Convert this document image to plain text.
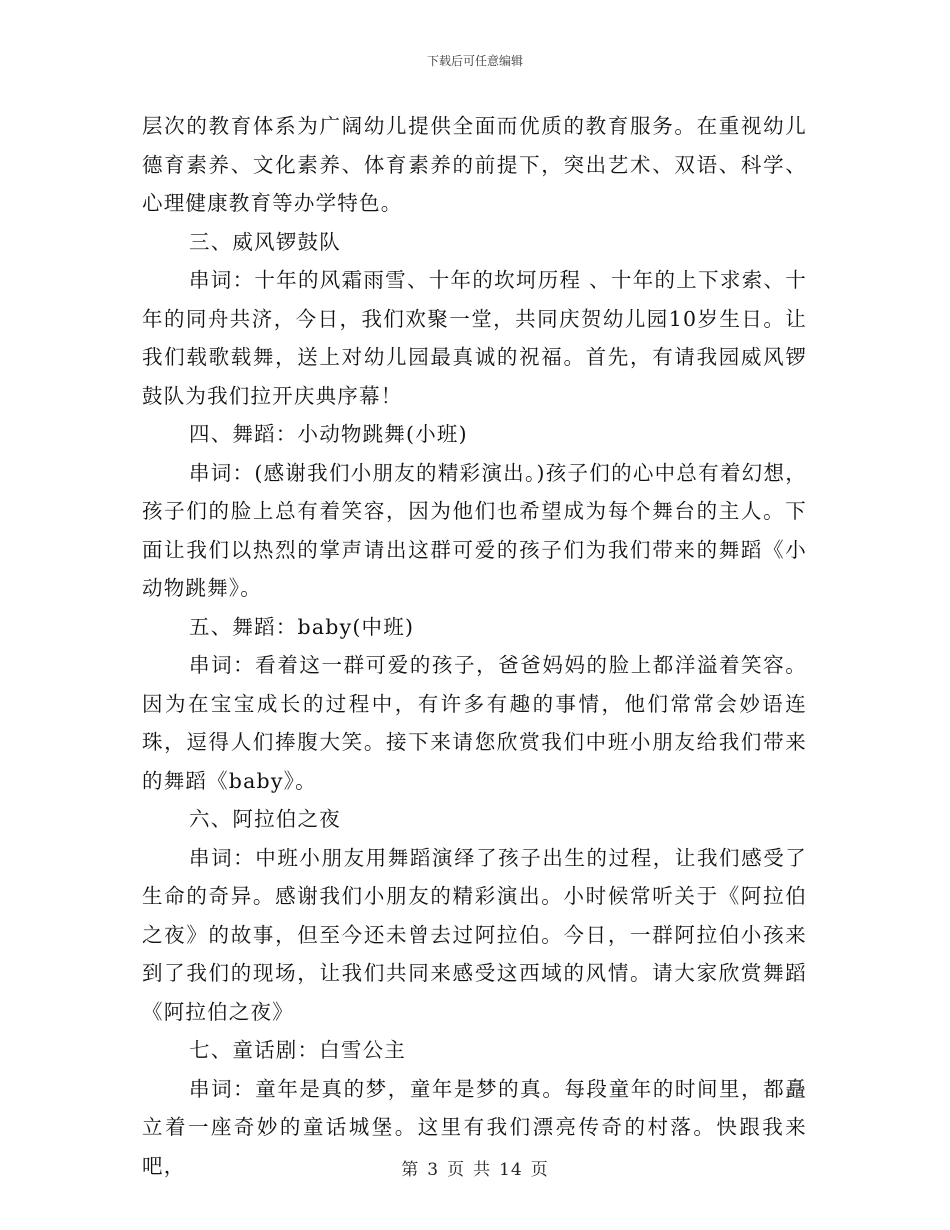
下载后可任意编辑

层次的教育体系为广阔幼儿提供全面而优质的教育服务。在重视幼儿德育素养、文化素养、体育素养的前提下，突出艺术、双语、科学、心理健康教育等办学特色。

三、威风锣鼓队

串词：十年的风霜雨雪、十年的坎坷历程 、十年的上下求索、十年的同舟共济，今日，我们欢聚一堂，共同庆贺幼儿园10岁生日。让我们载歌载舞，送上对幼儿园最真诚的祝福。首先，有请我园威风锣鼓队为我们拉开庆典序幕！

四、舞蹈：小动物跳舞(小班)

串词：(感谢我们小朋友的精彩演出。)孩子们的心中总有着幻想，孩子们的脸上总有着笑容，因为他们也希望成为每个舞台的主人。下面让我们以热烈的掌声请出这群可爱的孩子们为我们带来的舞蹈《小动物跳舞》。

五、舞蹈：baby(中班)

串词：看着这一群可爱的孩子，爸爸妈妈的脸上都洋溢着笑容。因为在宝宝成长的过程中，有许多有趣的事情，他们常常会妙语连珠，逗得人们捧腹大笑。接下来请您欣赏我们中班小朋友给我们带来的舞蹈《baby》。

六、阿拉伯之夜

串词：中班小朋友用舞蹈演绎了孩子出生的过程，让我们感受了生命的奇异。感谢我们小朋友的精彩演出。小时候常听关于《阿拉伯之夜》的故事，但至今还未曾去过阿拉伯。今日，一群阿拉伯小孩来到了我们的现场，让我们共同来感受这西域的风情。请大家欣赏舞蹈《阿拉伯之夜》

七、童话剧：白雪公主

串词：童年是真的梦，童年是梦的真。每段童年的时间里，都矗立着一座奇妙的童话城堡。这里有我们漂亮传奇的村落。快跟我来吧，	第 3 页 共 14 页
